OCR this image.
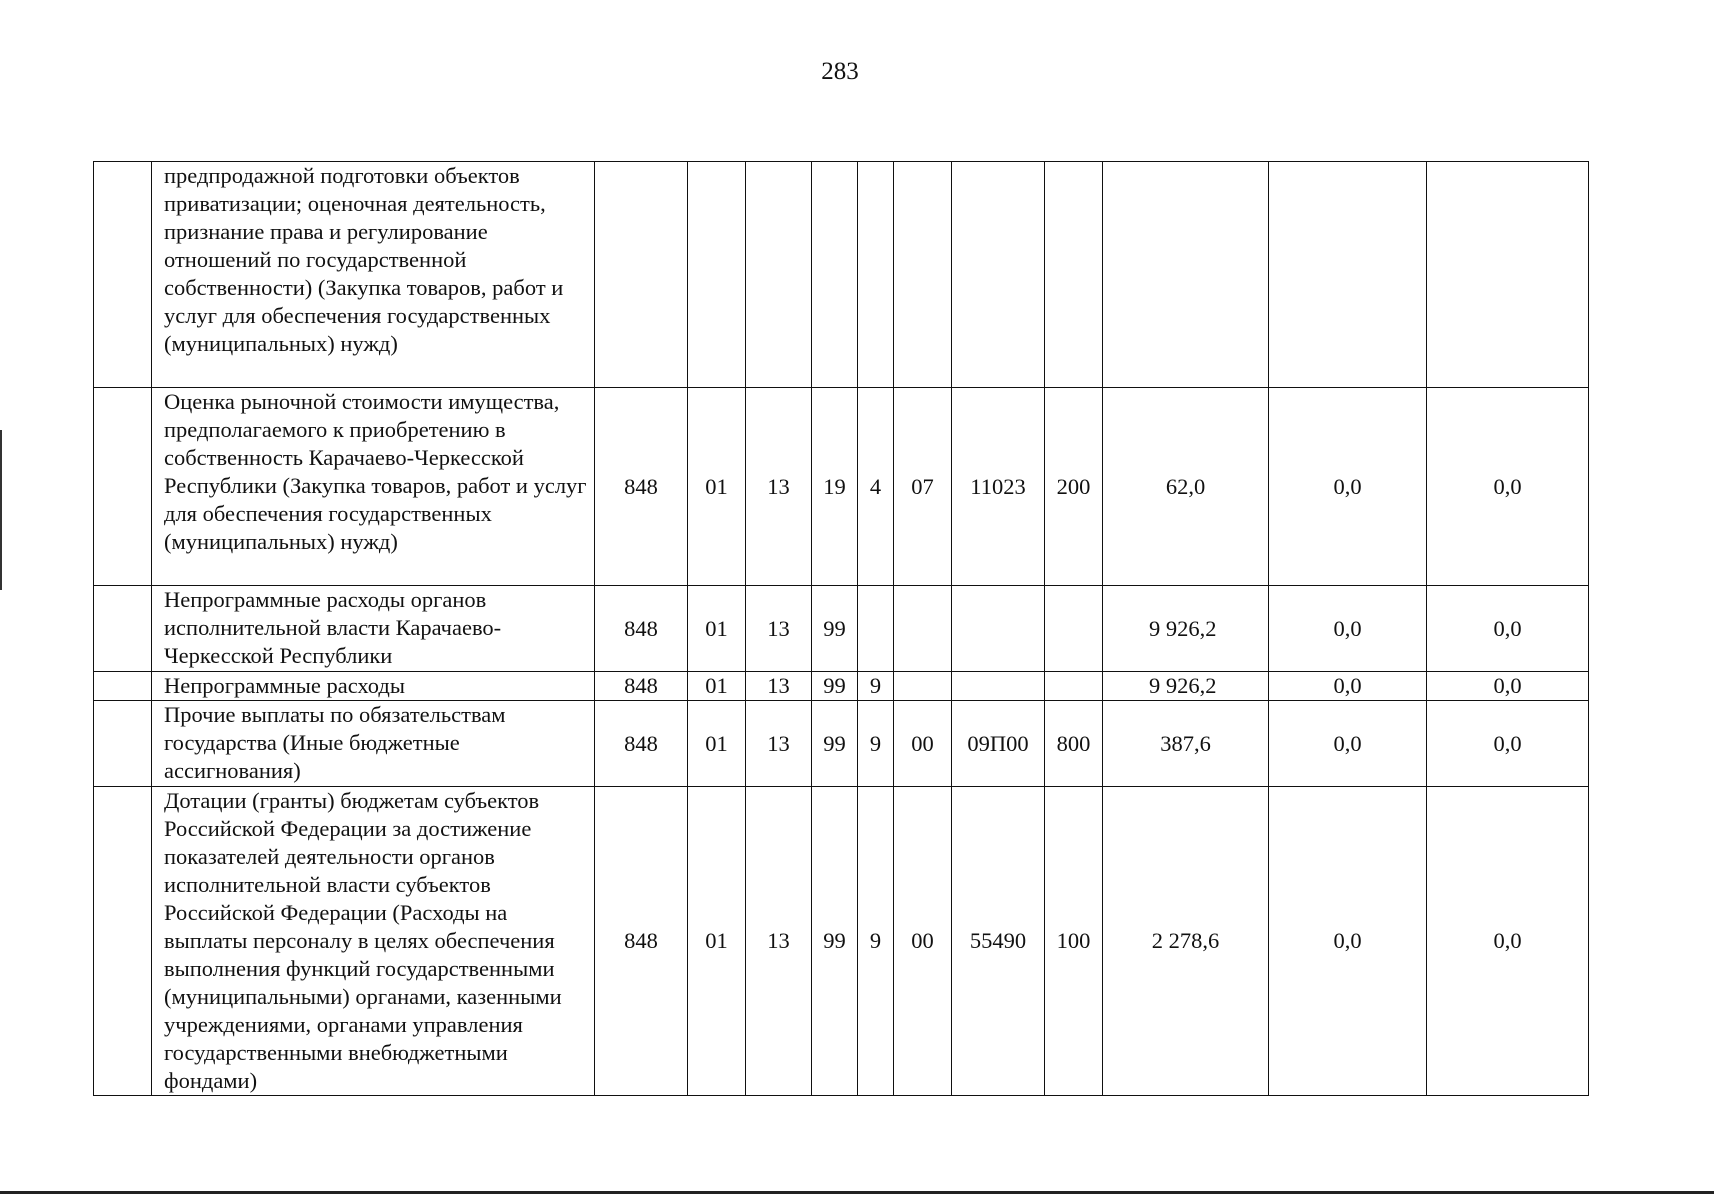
283
	предпродажной подготовки объектов приватизации; оценочная деятельность, признание права и регулирование отношений по государственной собственности) (Закупка товаров, работ и услуг для обеспечения государственных (муниципальных) нужд)											
	Оценка рыночной стоимости имущества, предполагаемого к приобретению в собственность Карачаево-Черкесской Республики (Закупка товаров, работ и услуг для обеспечения государственных (муниципальных) нужд)	848	01	13	19	4	07	11023	200	62,0	0,0	0,0
	Непрограммные расходы органов исполнительной власти Карачаево-Черкесской Республики	848	01	13	99					9 926,2	0,0	0,0
	Непрограммные расходы	848	01	13	99	9				9 926,2	0,0	0,0
	Прочие выплаты по обязательствам государства (Иные бюджетные ассигнования)	848	01	13	99	9	00	09П00	800	387,6	0,0	0,0
	Дотации (гранты) бюджетам субъектов Российской Федерации за достижение показателей деятельности органов исполнительной власти субъектов Российской Федерации (Расходы на выплаты персоналу в целях обеспечения выполнения функций государственными (муниципальными) органами, казенными учреждениями, органами управления государственными внебюджетными фондами)	848	01	13	99	9	00	55490	100	2 278,6	0,0	0,0
